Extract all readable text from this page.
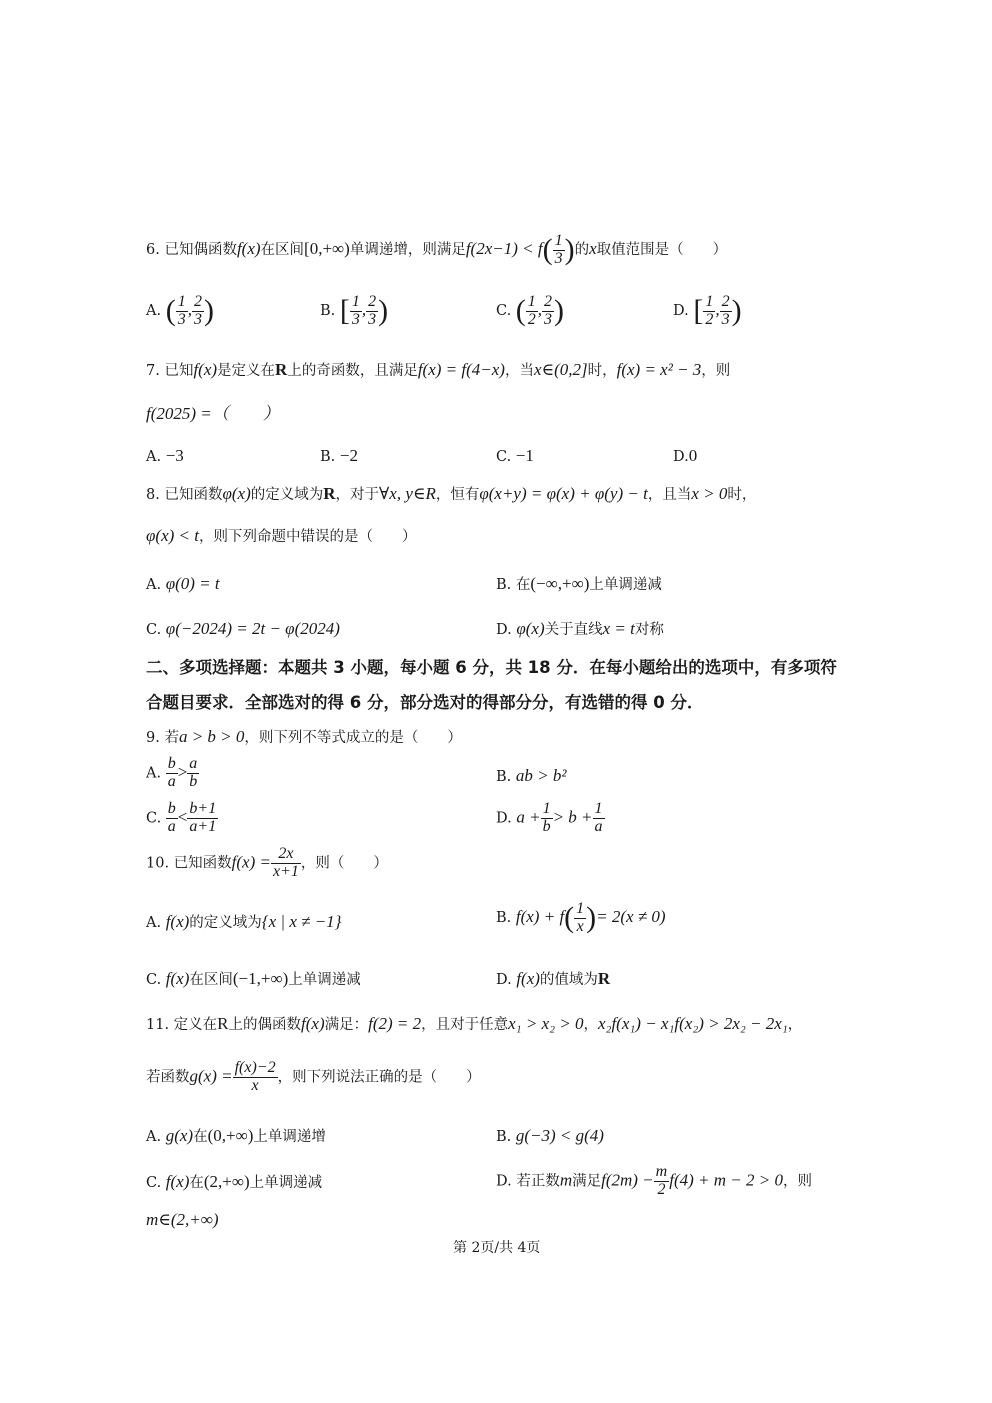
6. 已知偶函数f(x)在区间[0,+∞)单调递增，则满足$f(2x-1) < f( \frac{1}{3}$ )的x取值范围是（　　）
A. ( $\frac{1}{3}$ , $\frac{2}{3}$ )	B. [ $\frac{1}{3}$ , $\frac{2}{3}$ )	C. ( $\frac{1}{2}$ , $\frac{2}{3}$ )	D. [ $\frac{1}{2}$ , $\frac{2}{3}$ )
7. 已知f(x)是定义在R上的奇函数，且满足f(x) = f(4−x)，当x∈(0,2]时，f(x) = x² − 3，则
f(2025) =（　　）
A. −3	B. −2	C. −1	D.0
8. 已知函数φ(x)的定义域为R，对于∀x, y∈R，恒有φ(x+y) = φ(x) + φ(y) − t，且当x > 0时，
φ(x) < t，则下列命题中错误的是（　　）
A. φ(0) = t	B. 在(−∞,+∞)上单调递减
C. φ(−2024) = 2t − φ(2024)	D. φ(x)关于直线x = t对称
二、多项选择题：本题共 3 小题，每小题 6 分，共 18 分．在每小题给出的选项中，有多项符
合题目要求．全部选对的得 6 分，部分选对的得部分分，有选错的得 0 分．
9. 若a > b > 0，则下列不等式成立的是（　　）
A. $\frac{b}{a} > \frac{a}{b}$	B. ab > b²
C. $\frac{b}{a} < \frac{b+1}{a+1}$	D. $a + \frac{1}{b} > b + \frac{1}{a}$
10. 已知函数$f(x) = \frac{2x}{x+1}$ ，则（　　）
A. f(x)的定义域为{x | x ≠ −1}	B. $f(x) + f( \frac{1}{x}$ )= 2(x ≠ 0)
C. f(x)在区间(−1,+∞)上单调递减	D. f(x)的值域为R
11. 定义在R上的偶函数f(x)满足：f(2) = 2，且对于任意x₁ > x₂ > 0，x₂f(x₁) − x₁f(x₂) > 2x₂ − 2x₁，
若函数$g(x) = \frac{f(x)-2}{x}$ ，则下列说法正确的是（　　）
A. g(x)在(0,+∞)上单调递增	B. g(−3) < g(4)
C. f(x)在(2,+∞)上单调递减	D. 若正数m满足$f(2m) - \frac{m}{2} f(4) + m - 2 > 0$，则
m∈(2,+∞)
第 2页/共 4页
